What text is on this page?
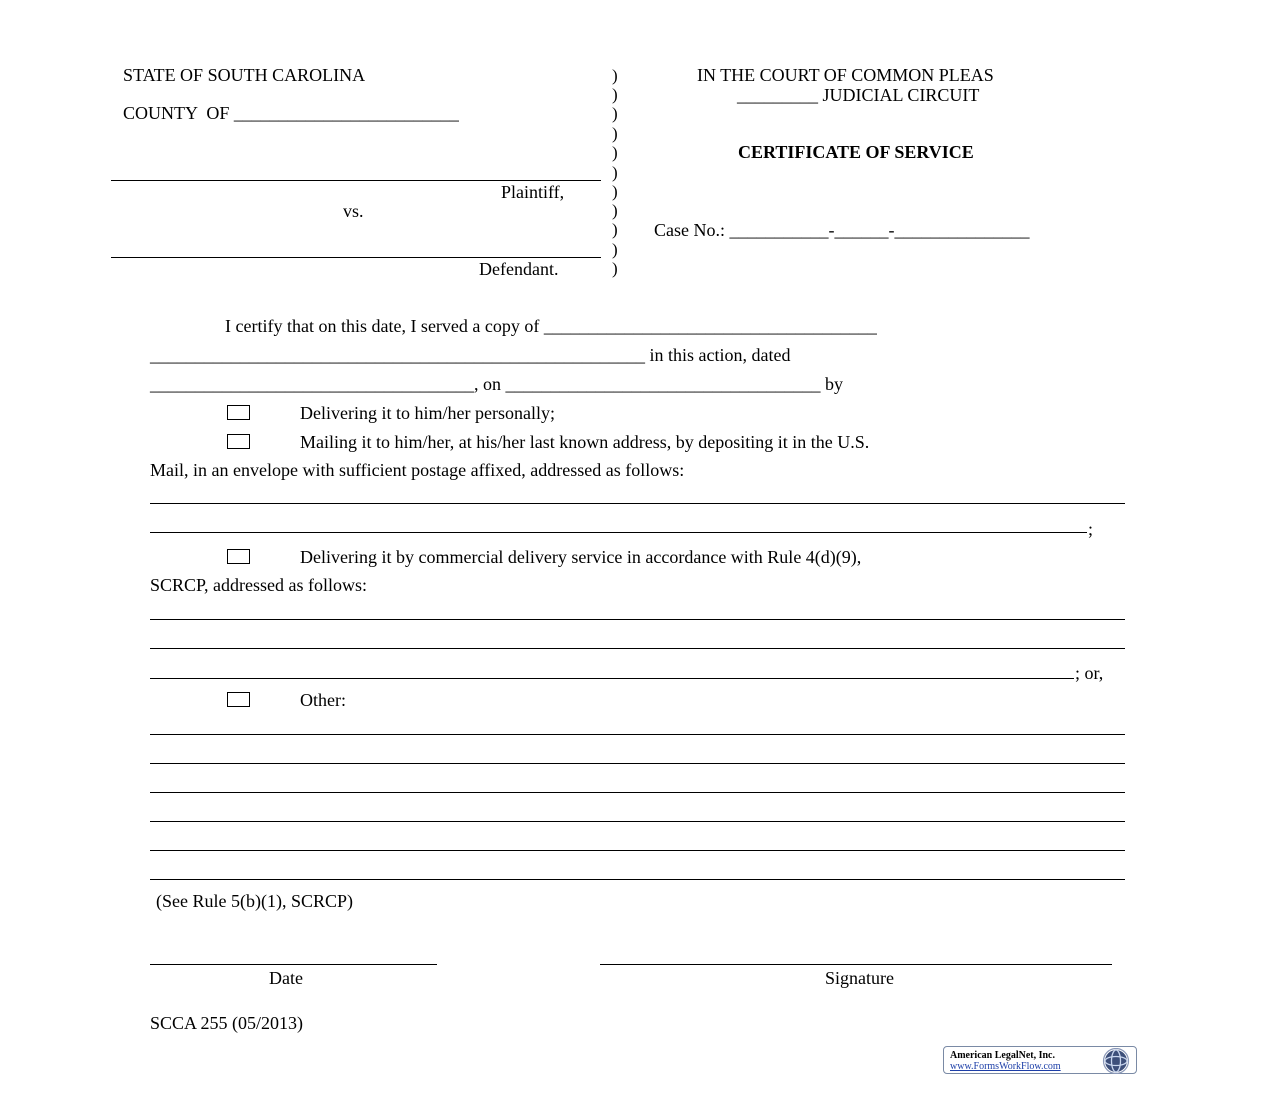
STATE OF SOUTH CAROLINA
COUNTY  OF _________________________
Plaintiff,
vs.
Defendant.
)
)
)
)
)
)
)
)
)
)
)
IN THE COURT OF COMMON PLEAS
_________ JUDICIAL CIRCUIT
CERTIFICATE OF SERVICE
Case No.: ___________-______-_______________
I certify that on this date, I served a copy of _____________________________________
_______________________________________________________ in this action, dated
____________________________________, on ___________________________________ by
Delivering it to him/her personally;
Mailing it to him/her, at his/her last known address, by depositing it in the U.S.
Mail, in an envelope with sufficient postage affixed, addressed as follows:
;
Delivering it by commercial delivery service in accordance with Rule 4(d)(9),
SCRCP, addressed as follows:
; or,
Other:
(See Rule 5(b)(1), SCRCP)
Date	Signature
SCCA 255 (05/2013)
American LegalNet, Inc.
www.FormsWorkFlow.com
